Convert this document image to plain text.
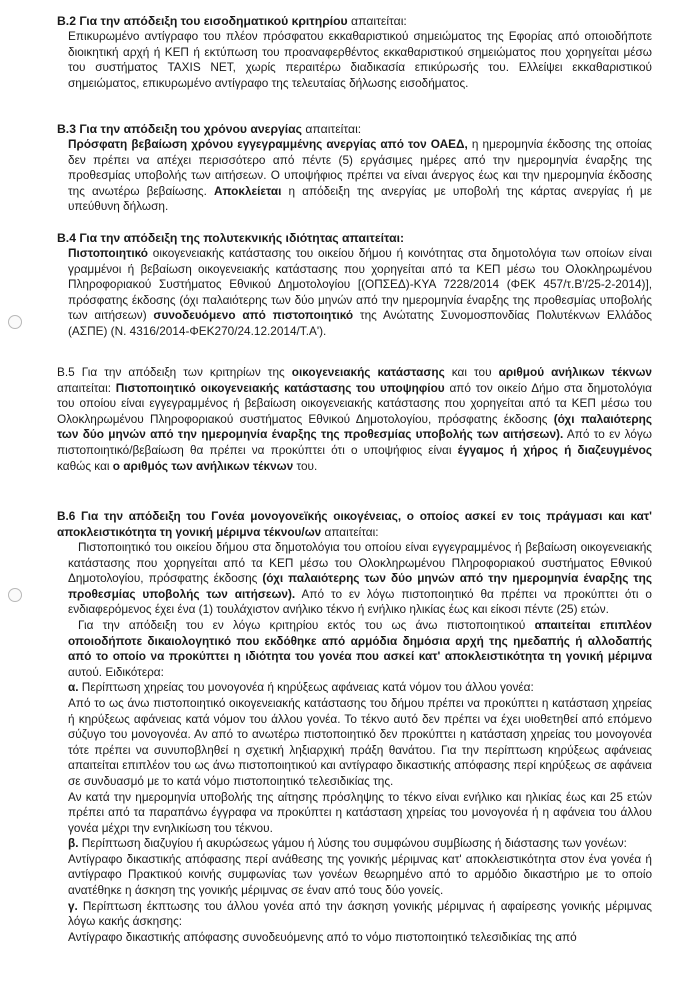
Β.2 Για την απόδειξη του εισοδηματικού κριτηρίου απαιτείται:
Επικυρωμένο αντίγραφο του πλέον πρόσφατου εκκαθαριστικού σημειώματος της Εφορίας από οποιοδήποτε διοικητική αρχή ή ΚΕΠ ή εκτύπωση του προαναφερθέντος εκκαθαριστικού σημειώματος που χορηγείται μέσω του συστήματος TAXIS NET, χωρίς περαιτέρω διαδικασία επικύρωσής του. Ελλείψει εκκαθαριστικού σημειώματος, επικυρωμένο αντίγραφο της τελευταίας δήλωσης εισοδήματος.
Β.3 Για την απόδειξη του χρόνου ανεργίας απαιτείται:
Πρόσφατη βεβαίωση χρόνου εγγεγραμμένης ανεργίας από τον ΟΑΕΔ, η ημερομηνία έκδοσης της οποίας δεν πρέπει να απέχει περισσότερο από πέντε (5) εργάσιμες ημέρες από την ημερομηνία έναρξης της προθεσμίας υποβολής των αιτήσεων. Ο υποψήφιος πρέπει να είναι άνεργος έως και την ημερομηνία έκδοσης της ανωτέρω βεβαίωσης. Αποκλείεται η απόδειξη της ανεργίας με υποβολή της κάρτας ανεργίας ή με υπεύθυνη δήλωση.
Β.4 Για την απόδειξη της πολυτεκνικής ιδιότητας απαιτείται:
Πιστοποιητικό οικογενειακής κατάστασης του οικείου δήμου ή κοινότητας στα δημοτολόγια των οποίων είναι γραμμένοι ή βεβαίωση οικογενειακής κατάστασης που χορηγείται από τα ΚΕΠ μέσω του Ολοκληρωμένου Πληροφοριακού Συστήματος Εθνικού Δημοτολογίου [(ΟΠΣΕΔ)-ΚΥΑ 7228/2014 (ΦΕΚ 457/τ.Β'/25-2-2014)], πρόσφατης έκδοσης (όχι παλαιότερης των δύο μηνών από την ημερομηνία έναρξης της προθεσμίας υποβολής των αιτήσεων) συνοδευόμενο από πιστοποιητικό της Ανώτατης Συνομοσπονδίας Πολυτέκνων Ελλάδος (ΑΣΠΕ) (Ν. 4316/2014-ΦΕΚ270/24.12.2014/Τ.Α').
Β.5 Για την απόδειξη των κριτηρίων της οικογενειακής κατάστασης και του αριθμού ανήλικων τέκνων απαιτείται: Πιστοποιητικό οικογενειακής κατάστασης του υποψηφίου από τον οικείο Δήμο στα δημοτολόγια του οποίου είναι εγγεγραμμένος ή βεβαίωση οικογενειακής κατάστασης που χορηγείται από τα ΚΕΠ μέσω του Ολοκληρωμένου Πληροφοριακού συστήματος Εθνικού Δημοτολογίου, πρόσφατης έκδοσης (όχι παλαιότερης των δύο μηνών από την ημερομηνία έναρξης της προθεσμίας υποβολής των αιτήσεων). Από το εν λόγω πιστοποιητικό/βεβαίωση θα πρέπει να προκύπτει ότι ο υποψήφιος είναι έγγαμος ή χήρος ή διαζευγμένος καθώς και ο αριθμός των ανήλικων τέκνων του.
Β.6 Για την απόδειξη του Γονέα μονογονεϊκής οικογένειας, ο οποίος ασκεί εν τοις πράγμασι και κατ' αποκλειστικότητα τη γονική μέριμνα τέκνου/ων απαιτείται:
Πιστοποιητικό του οικείου δήμου στα δημοτολόγια του οποίου είναι εγγεγραμμένος ή βεβαίωση οικογενειακής κατάστασης που χορηγείται από τα ΚΕΠ μέσω του Ολοκληρωμένου Πληροφοριακού συστήματος Εθνικού Δημοτολογίου, πρόσφατης έκδοσης (όχι παλαιότερης των δύο μηνών από την ημερομηνία έναρξης της προθεσμίας υποβολής των αιτήσεων). Από το εν λόγω πιστοποιητικό θα πρέπει να προκύπτει ότι ο ενδιαφερόμενος έχει ένα (1) τουλάχιστον ανήλικο τέκνο ή ενήλικο ηλικίας έως και είκοσι πέντε (25) ετών.
Για την απόδειξη του εν λόγω κριτηρίου εκτός του ως άνω πιστοποιητικού απαιτείται επιπλέον οποιοδήποτε δικαιολογητικό που εκδόθηκε από αρμόδια δημόσια αρχή της ημεδαπής ή αλλοδαπής από το οποίο να προκύπτει η ιδιότητα του γονέα που ασκεί κατ' αποκλειστικότητα τη γονική μέριμνα αυτού. Ειδικότερα:
α. Περίπτωση χηρείας του μονογονέα ή κηρύξεως αφάνειας κατά νόμον του άλλου γονέα:
Από το ως άνω πιστοποιητικό οικογενειακής κατάστασης του δήμου πρέπει να προκύπτει η κατάσταση χηρείας ή κηρύξεως αφάνειας κατά νόμον του άλλου γονέα. Το τέκνο αυτό δεν πρέπει να έχει υιοθετηθεί από επόμενο σύζυγο του μονογονέα. Αν από το ανωτέρω πιστοποιητικό δεν προκύπτει η κατάσταση χηρείας του μονογονέα τότε πρέπει να συνυποβληθεί η σχετική ληξιαρχική πράξη θανάτου. Για την περίπτωση κηρύξεως αφάνειας απαιτείται επιπλέον του ως άνω πιστοποιητικού και αντίγραφο δικαστικής απόφασης περί κηρύξεως σε αφάνεια σε συνδυασμό με το κατά νόμο πιστοποιητικό τελεσιδικίας της.
Αν κατά την ημερομηνία υποβολής της αίτησης πρόσληψης το τέκνο είναι ενήλικο και ηλικίας έως και 25 ετών πρέπει από τα παραπάνω έγγραφα να προκύπτει η κατάσταση χηρείας του μονογονέα ή η αφάνεια του άλλου γονέα μέχρι την ενηλικίωση του τέκνου.
β. Περίπτωση διαζυγίου ή ακυρώσεως γάμου ή λύσης του συμφώνου συμβίωσης ή διάστασης των γονέων:
Αντίγραφο δικαστικής απόφασης περί ανάθεσης της γονικής μέριμνας κατ' αποκλειστικότητα στον ένα γονέα ή αντίγραφο Πρακτικού κοινής συμφωνίας των γονέων θεωρημένο από το αρμόδιο δικαστήριο με το οποίο ανατέθηκε η άσκηση της γονικής μέριμνας σε έναν από τους δύο γονείς.
γ. Περίπτωση έκπτωσης του άλλου γονέα από την άσκηση γονικής μέριμνας ή αφαίρεσης γονικής μέριμνας λόγω κακής άσκησης:
Αντίγραφο δικαστικής απόφασης συνοδευόμενης από το νόμο πιστοποιητικό τελεσιδικίας της από
